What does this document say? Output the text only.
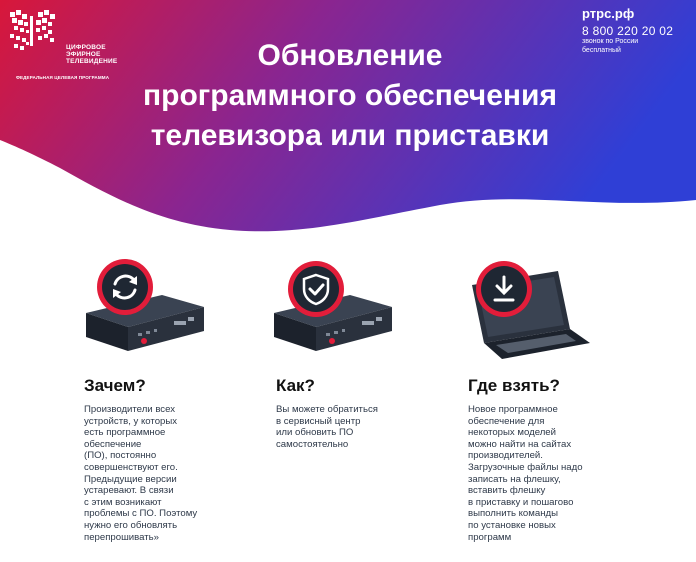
ЦИФРОВОЕ
ЭФИРНОЕ
ТЕЛЕВИДЕНИЕ
ФЕДЕРАЛЬНАЯ ЦЕЛЕВАЯ ПРОГРАММА
ртрс.рф
8 800 220 20 02
звонок по России
бесплатный
Обновление
программного обеспечения
телевизора или приставки
Зачем?	Как?	Где взять?
Производители всех
устройств, у которых
есть программное
обеспечение
(ПО), постоянно
совершенствуют его.
Предыдущие версии
устаревают. В связи
с этим возникают
проблемы с ПО. Поэтому
нужно его обновлять
перепрошивать»
Вы можете обратиться
в сервисный центр
или обновить ПО
самостоятельно
Новое программное
обеспечение для
некоторых моделей
можно найти на сайтах
производителей.
Загрузочные файлы надо
записать на флешку,
вставить флешку
в приставку и пошагово
выполнить команды
по установке новых
программ
